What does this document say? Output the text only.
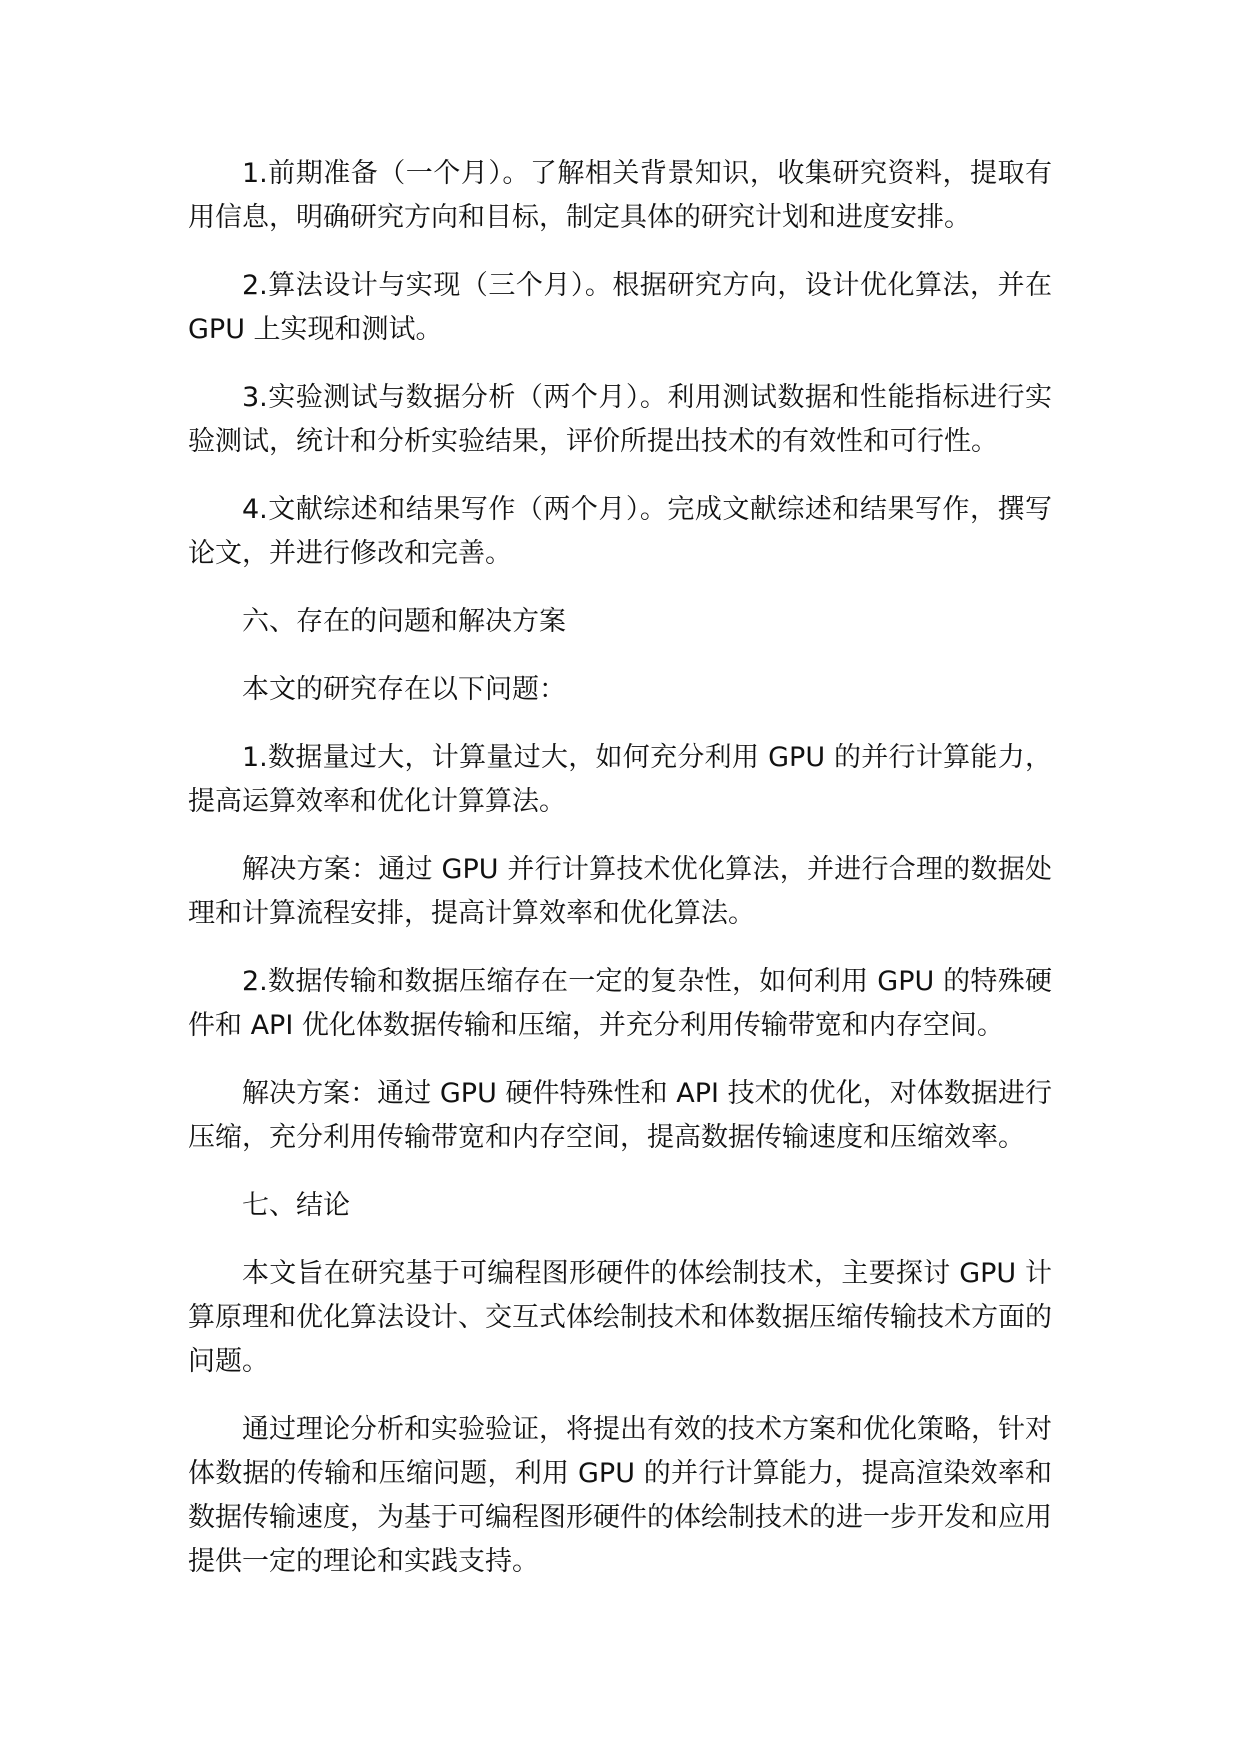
1.前期准备（一个月）。了解相关背景知识，收集研究资料，提取有用信息，明确研究方向和目标，制定具体的研究计划和进度安排。

2.算法设计与实现（三个月）。根据研究方向，设计优化算法，并在 GPU 上实现和测试。

3.实验测试与数据分析（两个月）。利用测试数据和性能指标进行实验测试，统计和分析实验结果，评价所提出技术的有效性和可行性。

4.文献综述和结果写作（两个月）。完成文献综述和结果写作，撰写论文，并进行修改和完善。

六、存在的问题和解决方案

本文的研究存在以下问题：

1.数据量过大，计算量过大，如何充分利用 GPU 的并行计算能力，提高运算效率和优化计算算法。

解决方案：通过 GPU 并行计算技术优化算法，并进行合理的数据处理和计算流程安排，提高计算效率和优化算法。

2.数据传输和数据压缩存在一定的复杂性，如何利用 GPU 的特殊硬件和 API 优化体数据传输和压缩，并充分利用传输带宽和内存空间。

解决方案：通过 GPU 硬件特殊性和 API 技术的优化，对体数据进行压缩，充分利用传输带宽和内存空间，提高数据传输速度和压缩效率。

七、结论

本文旨在研究基于可编程图形硬件的体绘制技术，主要探讨 GPU 计算原理和优化算法设计、交互式体绘制技术和体数据压缩传输技术方面的问题。

通过理论分析和实验验证，将提出有效的技术方案和优化策略，针对体数据的传输和压缩问题，利用 GPU 的并行计算能力，提高渲染效率和数据传输速度，为基于可编程图形硬件的体绘制技术的进一步开发和应用提供一定的理论和实践支持。
